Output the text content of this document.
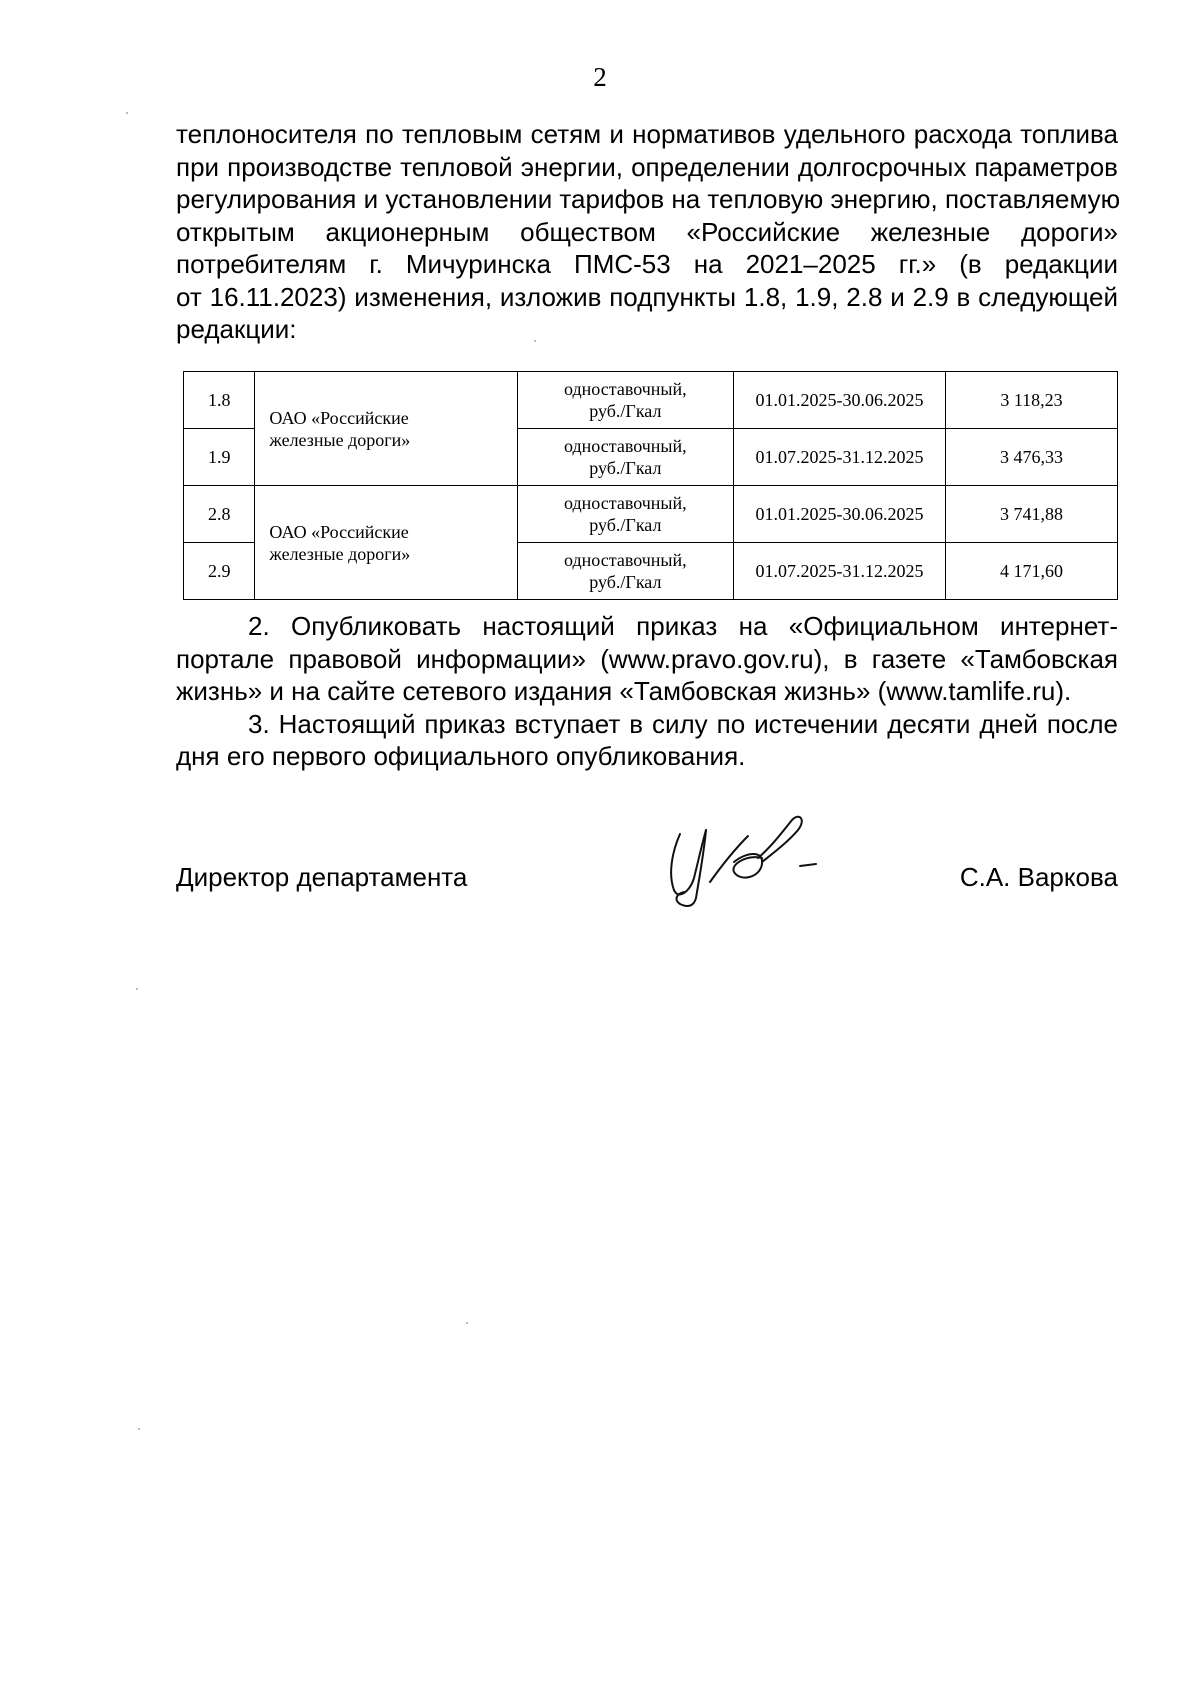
2
теплоносителя по тепловым сетям и нормативов удельного расхода топлива
при производстве тепловой энергии, определении долгосрочных параметров
регулирования и установлении тарифов на тепловую энергию, поставляемую
открытым акционерным обществом «Российские железные дороги»
потребителям г. Мичуринска ПМС-53 на 2021–2025 гг.» (в редакции
от 16.11.2023) изменения, изложив подпункты 1.8, 1.9, 2.8 и 2.9 в следующей
редакции:
1.8	ОАО «Российские
железные дороги»	одноставочный,
руб./Гкал	01.01.2025-30.06.2025	3 118,23
1.9		одноставочный,
руб./Гкал	01.07.2025-31.12.2025	3 476,33
2.8	ОАО «Российские
железные дороги»	одноставочный,
руб./Гкал	01.01.2025-30.06.2025	3 741,88
2.9		одноставочный,
руб./Гкал	01.07.2025-31.12.2025	4 171,60
2. Опубликовать настоящий приказ на «Официальном интернет-
портале правовой информации» (www.pravo.gov.ru), в газете «Тамбовская
жизнь» и на сайте сетевого издания «Тамбовская жизнь» (www.tamlife.ru).
3. Настоящий приказ вступает в силу по истечении десяти дней после
дня его первого официального опубликования.
Директор департамента	С.А. Варкова
